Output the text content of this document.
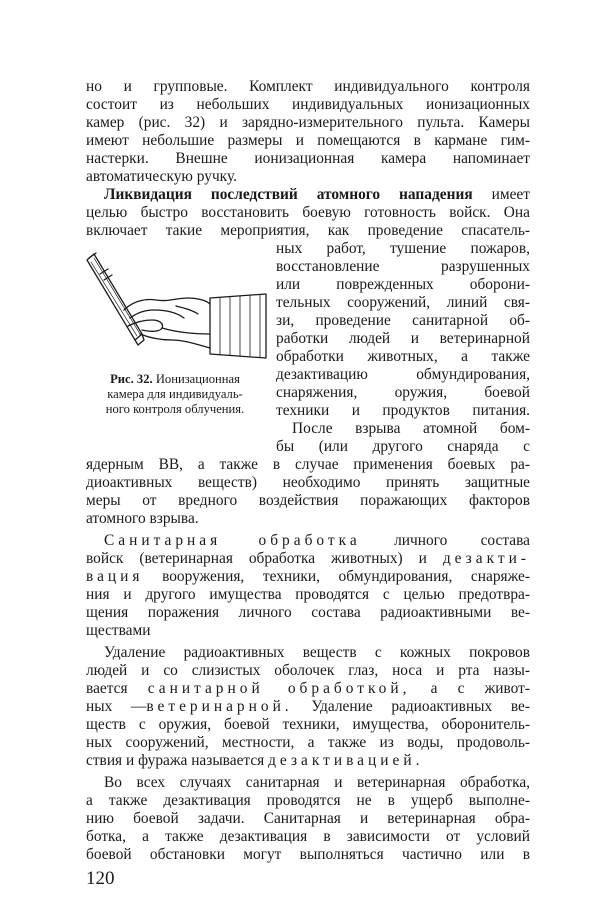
но и групповые. Комплект индивидуального контроля
состоит из небольших индивидуальных ионизационных
камер (рис. 32) и зарядно-измерительного пульта. Камеры
имеют небольшие размеры и помещаются в кармане гим-
настерки. Внешне ионизационная камера напоминает
автоматическую ручку.
Ликвидация последствий атомного нападения имеет
целью быстро восстановить боевую готовность войск. Она
включает такие мероприятия, как проведение спасатель-
ных работ, тушение пожаров,
восстановление разрушенных
или поврежденных оборони-
тельных сооружений, линий свя-
зи, проведение санитарной об-
работки людей и ветеринарной
обработки животных, а также
дезактивацию обмундирования,
снаряжения, оружия, боевой
техники и продуктов питания.
После взрыва атомной бом-
бы (или другого снаряда с
Рис. 32. Ионизационная
камера для индивидуаль-
ного контроля облучения.
ядерным ВВ, а также в случае применения боевых ра-
диоактивных веществ) необходимо принять защитные
меры от вредного воздействия поражающих факторов
атомного взрыва.
Санитарная обработка личного состава
войск (ветеринарная обработка животных) и дезакти-
вация вооружения, техники, обмундирования, снаряже-
ния и другого имущества проводятся с целью предотвра-
щения поражения личного состава радиоактивными ве-
ществами
Удаление радиоактивных веществ с кожных покровов
людей и со слизистых оболочек глаз, носа и рта назы-
вается санитарной обработкой, а с живот-
ных —ветеринарной. Удаление радиоактивных ве-
ществ с оружия, боевой техники, имущества, оборонитель-
ных сооружений, местности, а также из воды, продоволь-
ствия и фуража называется дезактивацией.
Во всех случаях санитарная и ветеринарная обработка,
а также дезактивация проводятся не в ущерб выполне-
нию боевой задачи. Санитарная и ветеринарная обра-
ботка, а также дезактивация в зависимости от условий
боевой обстановки могут выполняться частично или в
120
